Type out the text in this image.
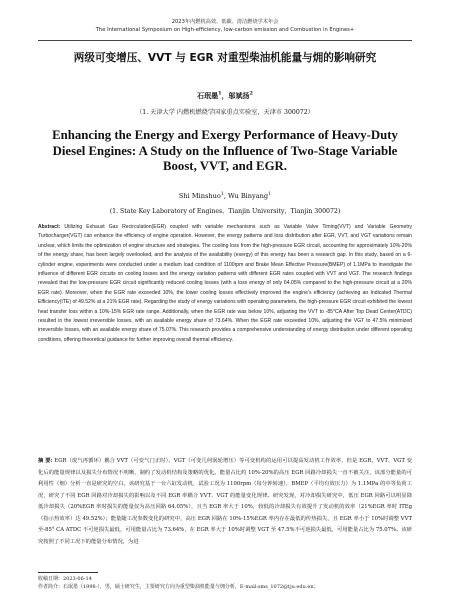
2023年内燃机高效、低碳、清洁燃烧学术年会
The International Symposium on High-efficiency, low-carbon emission and Combustion in Engines+
两级可变增压、VVT 与 EGR 对重型柴油机能量与㶲的影响研究
石珉墨$^1$，邬斌扬$^2$
（1. 天津大学 内燃机燃烧学国家重点实验室，天津市 300072）
Enhancing the Energy and Exergy Performance of Heavy-Duty Diesel Engines: A Study on the Influence of Two-Stage Variable Boost, VVT, and EGR.
Shi Minshuo$^1$, Wu Binyang$^1$
(1. State Key Laboratory of Engines，Tianjin University，Tianjin 300072)
Abstract: Utilizing Exhaust Gas Recirculation(EGR) coupled with variable mechanisms such as Variable Valve Timing(VVT) and Variable Geometry Turbocharger(VGT) can enhance the efficiency of engine operation. However, the energy patterns and loss distribution after EGR, VVT, and VGT variations remain unclear, which limits the optimization of engine structure and strategies. The cooling loss from the high-pressure EGR circuit, accounting for approximately 10%-20% of the energy share, has been largely overlooked, and the analysis of the availability (exergy) of this energy has been a research gap. In this study, based on a 6-cylinder engine, experiments were conducted under a medium load condition of 1100rpm and Brake Mean Effective Pressure(BMEP) of 1.1MPa to investigate the influence of different EGR circuits on cooling losses and the energy variation patterns with different EGR rates coupled with VVT and VGT. The research findings revealed that the low-pressure EGR circuit significantly reduced cooling losses (with a loss energy of only 64.05% compared to the high-pressure circuit at a 20% EGR rate). Moreover, when the EGR rate exceeded 10%, the lower cooling losses effectively improved the engine's efficiency (achieving an Indicated Thermal Efficiency(ITE) of 49.52% at a 21% EGR rate). Regarding the study of energy variations with operating parameters, the high-pressure EGR circuit exhibited the lowest heat transfer loss within a 10%-15% EGR rate range. Additionally, when the EGR rate was below 10%, adjusting the VVT to -85°CA After Top Dead Center(ATDC) resulted in the lowest irreversible losses, with an available energy share of 73.64%. When the EGR rate exceeded 10%, adjusting the VGT to 47.5% minimized irreversible losses, with an available energy share of 75.07%. This research provides a comprehensive understanding of energy distribution under different operating conditions, offering theoretical guidance for further improving overall thermal efficiency.
摘 要: EGR（废气再循环）耦合 VVT（可变气门正时）、VGT（可变几何涡轮增压）等可变机构的运用可以提高发动机工作效率，但是 EGR、VVT、VGT 变化后的能量规律以及损失分布情况不明晰，制约了发动机结构及策略的优化。能量占比约 10%-20%的高压 EGR 回路冷却损失一直不被关注，该部分能量的可利用性（㶲）分析一直是研究的空白。该研究基于一台六缸发动机，试验工况为 1100rpm（每分钟转速），BMEP（平均有效压力）为 1.1MPa 的中等负荷工况，研究了不同 EGR 回路对冷却损失的影响以及不同 EGR 率耦合 VVT、VGT 的能量变化规律。研究发现，对冷却损失研究中，低压 EGR 回路可以明显降低冷却损失（20%EGR 率时损失的能量仅为高压回路 64.05%），且当 EGR 率大于 10%，较低的冷却损失有效提升了发动机的效率（21%EGR 率时 ITEg（指示热效率）达 49.52%）；能量随工况参数变化的研究中，高压 EGR 回路在 10%-15%EGR 率内存在最低的传热损失，且 EGR 率小于 10%时调整 VVT 至-85° CA ATDC 不可逆损失最低，可用能量占比为 73.64%，在 EGR 率大于 10%时调整 VGT 至 47.5%不可逆损失最低，可用能量占比为 75.07%。该研究按照了不同工况下的能量分布情况，为进
收稿日期：2023-06-14
作者简介：石珉墨（1998-），男，硕士研究生，主要研究方向为重型柴油机能量与㶲分析，E-mail:sms_1072@tju.edu.en；
